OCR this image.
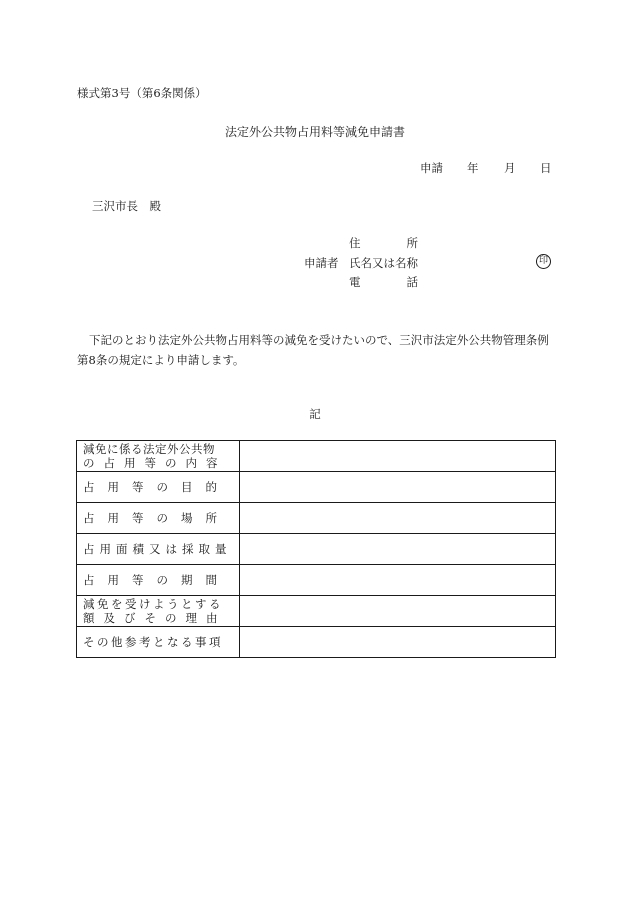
様式第3号（第6条関係）
法定外公共物占用料等減免申請書
申請 年 月 日
三沢市長　殿
申請者
住　　　　所
氏名又は名称
電　　　　話
印
下記のとおり法定外公共物占用料等の減免を受けたいので、三沢市法定外公共物管理条例第8条の規定により申請します。
記
減免に係る法定外公共物
の占用等の内容	

占用等の目的	

占用等の場所	

占用面積又は採取量	

占用等の期間	

減免を受けようとする
額及びその理由	

その他参考となる事項	
